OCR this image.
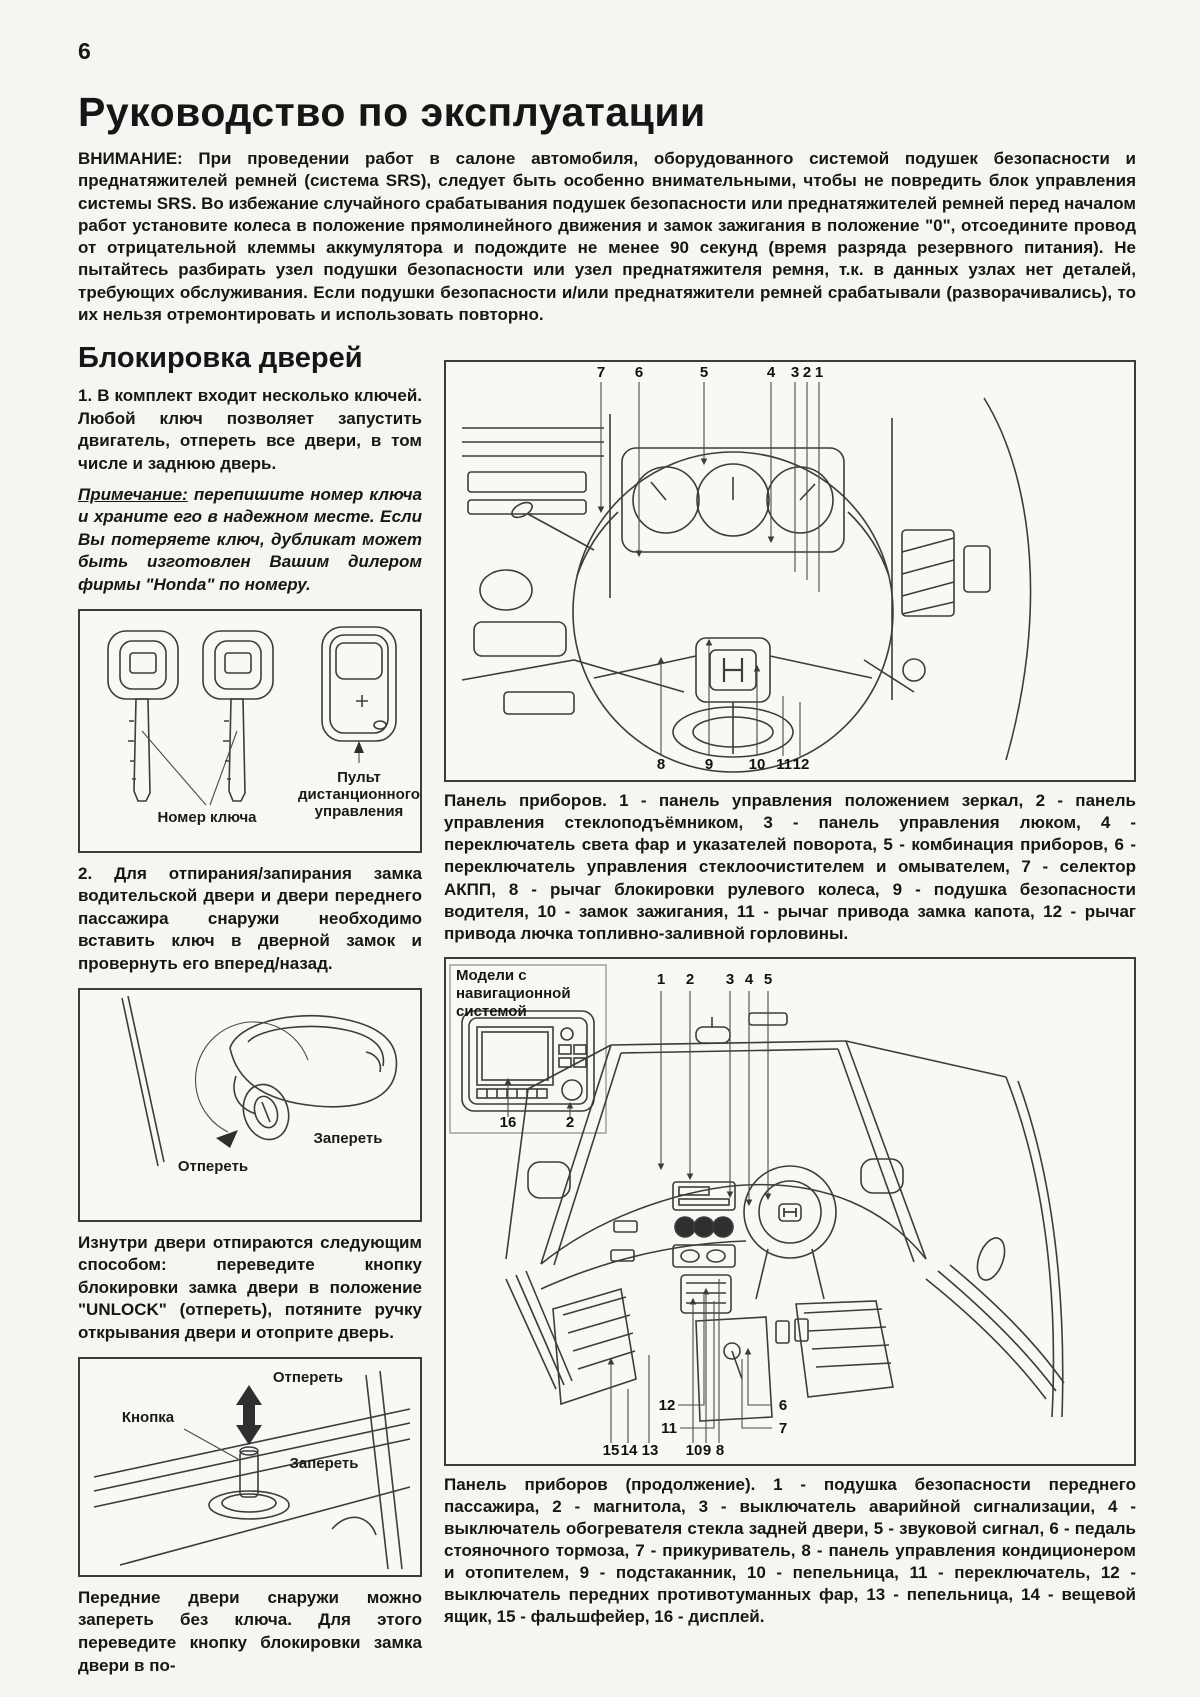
6
Руководство по эксплуатации

ВНИМАНИЕ: При проведении работ в салоне автомобиля, оборудованного системой подушек безопасности и преднатяжителей ремней (система SRS), следует быть особенно внимательными, чтобы не повредить блок управления системы SRS. Во избежание случайного срабатывания подушек безопасности или преднатяжителей ремней перед началом работ установите колеса в положение прямолинейного движения и замок зажигания в положение "0", отсоедините провод от отрицательной клеммы аккумулятора и подождите не менее 90 секунд (время разряда резервного питания). Не пытайтесь разбирать узел подушки безопасности или узел преднатяжителя ремня, т.к. в данных узлах нет деталей, требующих обслуживания. Если подушки безопасности и/или преднатяжители ремней срабатывали (разворачивались), то их нельзя отремонтировать и использовать повторно.

Блокировка дверей

1. В комплект входит несколько ключей. Любой ключ позволяет запустить двигатель, отпереть все двери, в том числе и заднюю дверь.

Примечание: перепишите номер ключа и храните его в надежном месте. Если Вы потеряете ключ, дубликат может быть изготовлен Вашим дилером фирмы "Honda" по номеру.

Номер ключа
Пульт дистанционного управления

2. Для отпирания/запирания замка водительской двери и двери переднего пассажира снаружи необходимо вставить ключ в дверной замок и провернуть его вперед/назад.

Отпереть
Запереть

Изнутри двери отпираются следующим способом: переведите кнопку блокировки замка двери в положение "UNLOCK" (отпереть), потяните ручку открывания двери и отоприте дверь.

Отпереть
Кнопка
Запереть

Передние двери снаружи можно запереть без ключа. Для этого переведите кнопку блокировки замка двери в по-

7 6	5	4 3 2 1
8	9 10 11 12

Панель приборов. 1 - панель управления положением зеркал, 2 - панель управления стеклоподъёмником, 3 - панель управления люком, 4 - переключатель света фар и указателей поворота, 5 - комбинация приборов, 6 - переключатель управления стеклоочистителем и омывателем, 7 - селектор АКПП, 8 - рычаг блокировки рулевого колеса, 9 - подушка безопасности водителя, 10 - замок зажигания, 11 - рычаг привода замка капота, 12 - рычаг привода лючка топливно-заливной горловины.

Модели с навигационной системой
16	2
1 2 3 4 5
12
11
6
7
15 14 13 10 9 8

Панель приборов (продолжение). 1 - подушка безопасности переднего пассажира, 2 - магнитола, 3 - выключатель аварийной сигнализации, 4 - выключатель обогревателя стекла задней двери, 5 - звуковой сигнал, 6 - педаль стояночного тормоза, 7 - прикуриватель, 8 - панель управления кондиционером и отопителем, 9 - подстаканник, 10 - пепельница, 11 - переключатель, 12 - выключатель передних противотуманных фар, 13 - пепельница, 14 - вещевой ящик, 15 - фальшфейер, 16 - дисплей.
